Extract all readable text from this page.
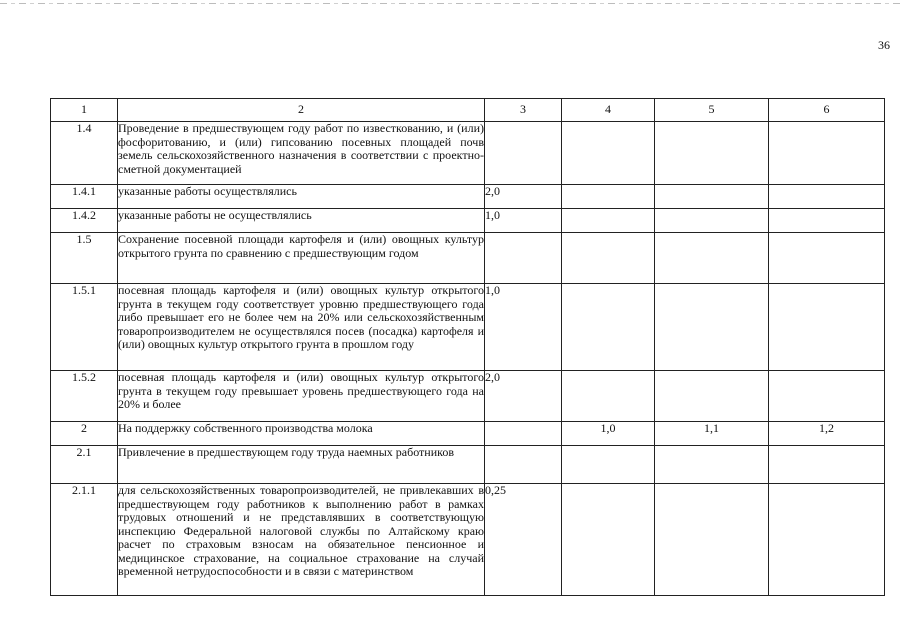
36
1	2	3	4	5	6
1.4	Проведение в предшествующем году работ по известкованию, и (или) фосфоритованию, и (или) гипсованию посевных площадей почв земель сельскохозяйственного назначения в соответствии с проектно-сметной документацией				
1.4.1	указанные работы осуществлялись	2,0			
1.4.2	указанные работы не осуществлялись	1,0			
1.5	Сохранение посевной площади картофеля и (или) овощных культур открытого грунта по сравнению с предшествующим годом				
1.5.1	посевная площадь картофеля и (или) овощных культур открытого грунта в текущем году соответствует уровню предшествующего года либо превышает его не более чем на 20% или сельскохозяйственным товаропроизводителем не осуществлялся посев (посадка) картофеля и (или) овощных культур открытого грунта в прошлом году	1,0			
1.5.2	посевная площадь картофеля и (или) овощных культур открытого грунта в текущем году превышает уровень предшествующего года на 20% и более	2,0			
2	На поддержку собственного производства молока		1,0	1,1	1,2
2.1	Привлечение в предшествующем году труда наемных работников				
2.1.1	для сельскохозяйственных товаропроизводителей, не привлекавших в предшествующем году работников к выполнению работ в рамках трудовых отношений и не представлявших в соответствующую инспекцию Федеральной налоговой службы по Алтайскому краю расчет по страховым взносам на обязательное пенсионное и медицинское страхование, на социальное страхование на случай временной нетрудоспособности и в связи с материнством	0,25			
